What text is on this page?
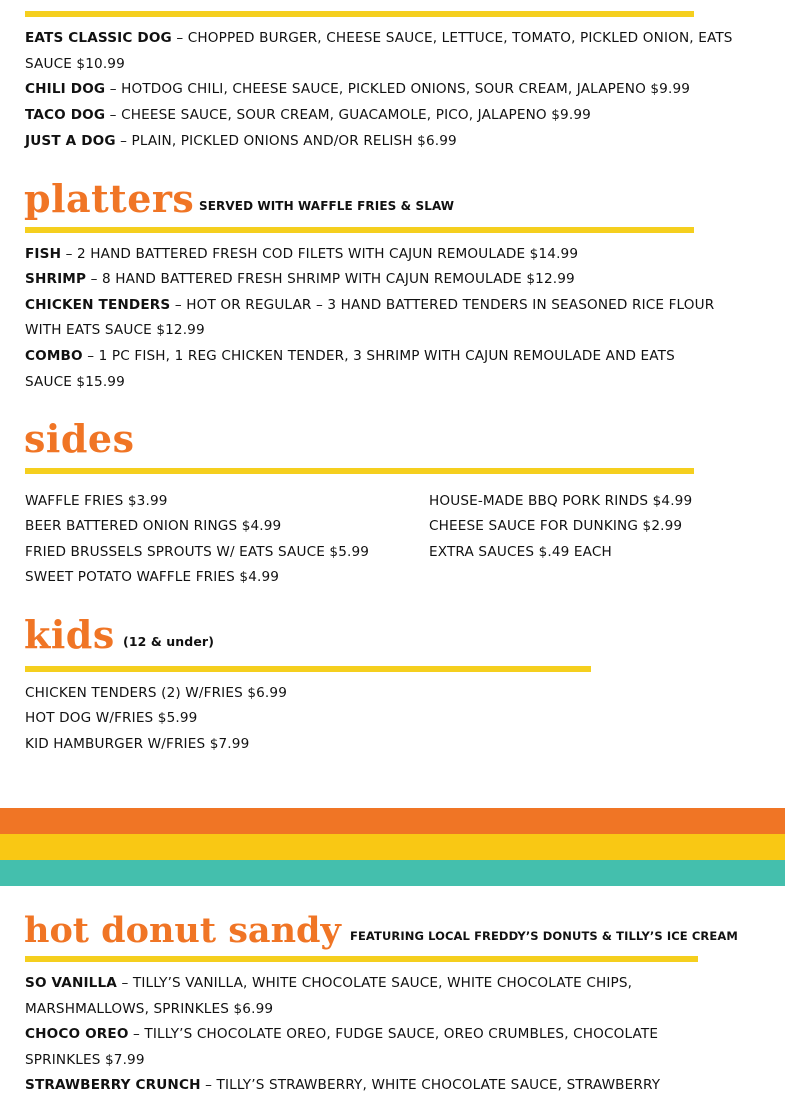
EATS CLASSIC DOG – CHOPPED BURGER, CHEESE SAUCE, LETTUCE, TOMATO, PICKLED ONION, EATS
SAUCE $10.99
CHILI DOG – HOTDOG CHILI, CHEESE SAUCE, PICKLED ONIONS, SOUR CREAM, JALAPENO $9.99
TACO DOG – CHEESE SAUCE, SOUR CREAM, GUACAMOLE, PICO, JALAPENO $9.99
JUST A DOG – PLAIN, PICKLED ONIONS AND/OR RELISH $6.99
platters SERVED WITH WAFFLE FRIES & SLAW
FISH – 2 HAND BATTERED FRESH COD FILETS WITH CAJUN REMOULADE $14.99
SHRIMP – 8 HAND BATTERED FRESH SHRIMP WITH CAJUN REMOULADE $12.99
CHICKEN TENDERS – HOT OR REGULAR – 3 HAND BATTERED TENDERS IN SEASONED RICE FLOUR
WITH EATS SAUCE $12.99
COMBO – 1 PC FISH, 1 REG CHICKEN TENDER, 3 SHRIMP WITH CAJUN REMOULADE AND EATS
SAUCE $15.99
sides
WAFFLE FRIES $3.99
BEER BATTERED ONION RINGS $4.99
FRIED BRUSSELS SPROUTS W/ EATS SAUCE $5.99
SWEET POTATO WAFFLE FRIES $4.99
HOUSE-MADE BBQ PORK RINDS $4.99
CHEESE SAUCE FOR DUNKING $2.99
EXTRA SAUCES $.49 EACH
kids (12 & under)
CHICKEN TENDERS (2) W/FRIES $6.99
HOT DOG W/FRIES $5.99
KID HAMBURGER W/FRIES $7.99
hot donut sandy FEATURING LOCAL FREDDY’S DONUTS & TILLY’S ICE CREAM
SO VANILLA – TILLY’S VANILLA, WHITE CHOCOLATE SAUCE, WHITE CHOCOLATE CHIPS,
MARSHMALLOWS, SPRINKLES $6.99
CHOCO OREO – TILLY’S CHOCOLATE OREO, FUDGE SAUCE, OREO CRUMBLES, CHOCOLATE
SPRINKLES $7.99
STRAWBERRY CRUNCH – TILLY’S STRAWBERRY, WHITE CHOCOLATE SAUCE, STRAWBERRY
